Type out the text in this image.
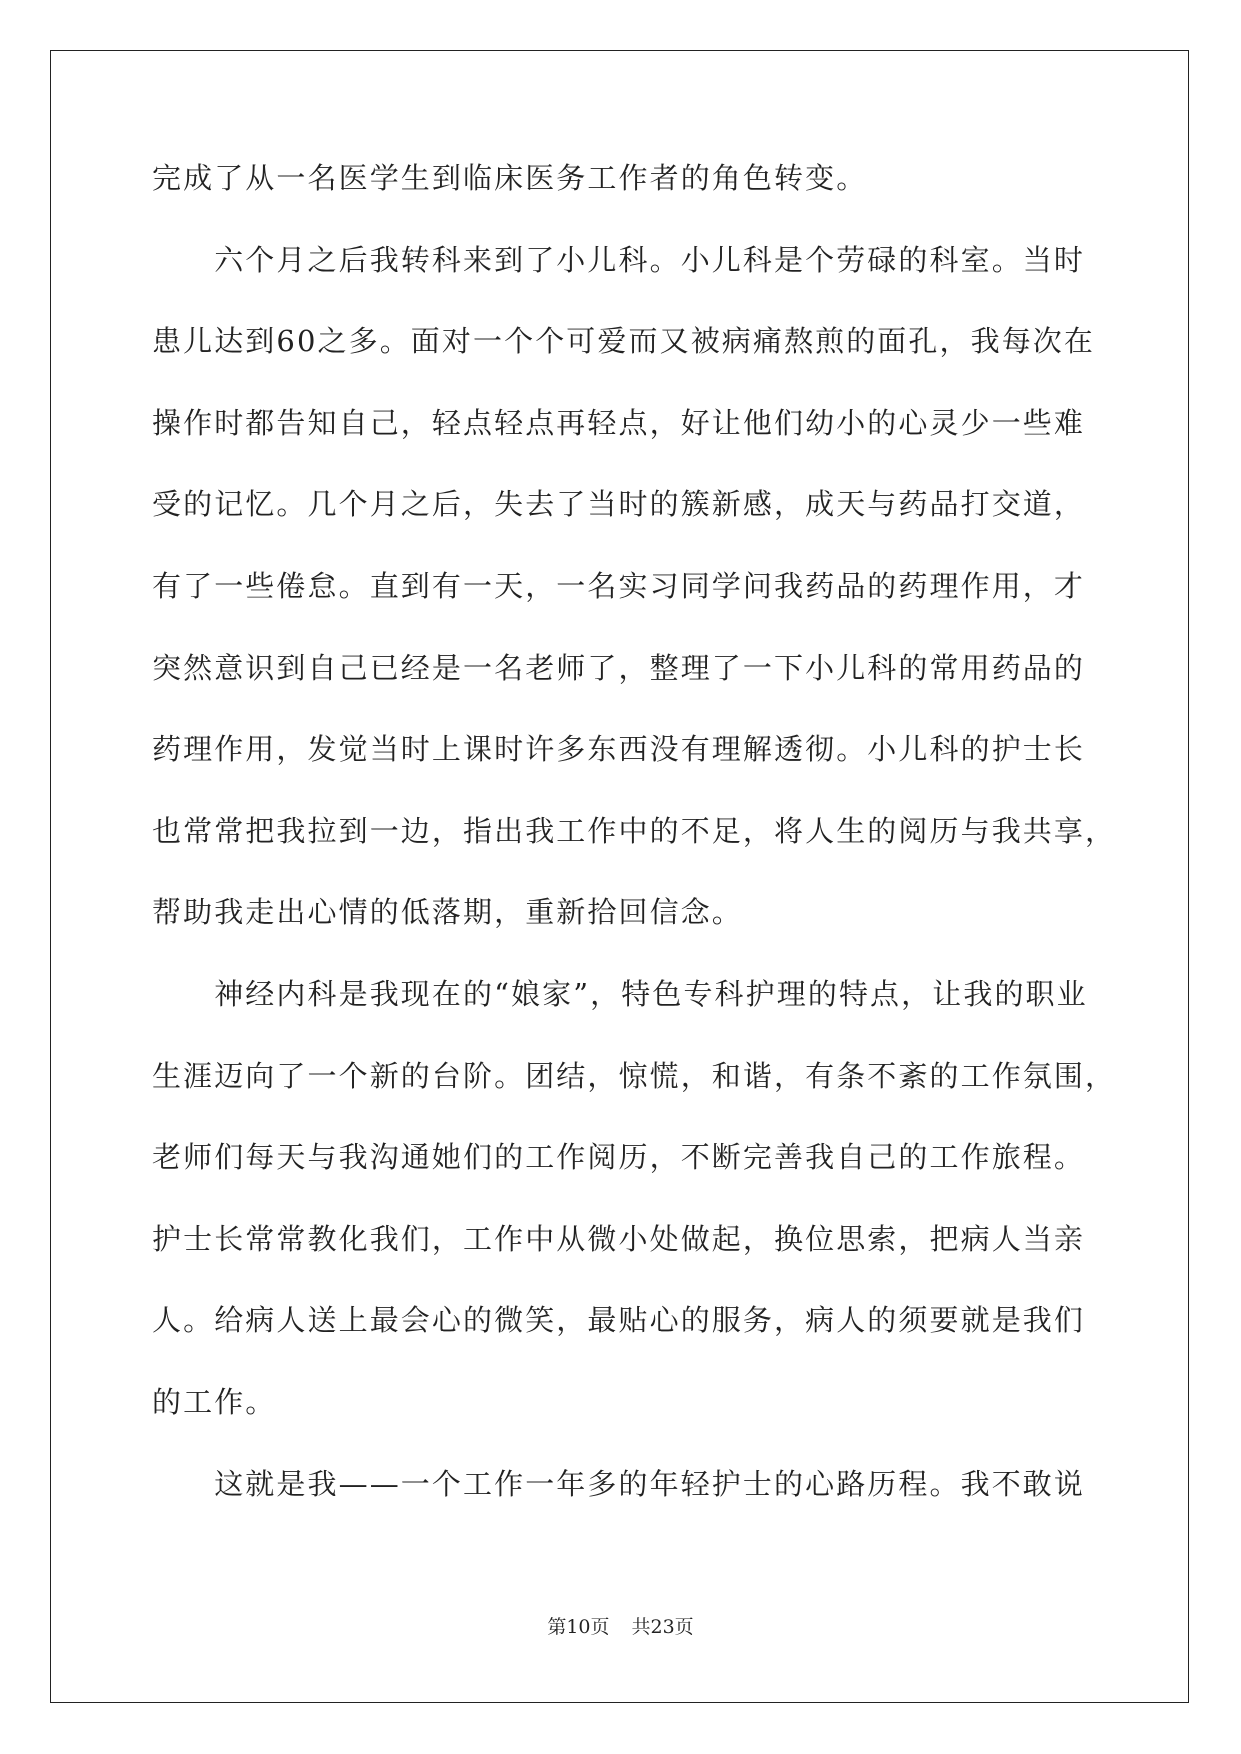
完成了从一名医学生到临床医务工作者的角色转变。
　　六个月之后我转科来到了小儿科。小儿科是个劳碌的科室。当时
患儿达到60之多。面对一个个可爱而又被病痛熬煎的面孔，我每次在
操作时都告知自己，轻点轻点再轻点，好让他们幼小的心灵少一些难
受的记忆。几个月之后，失去了当时的簇新感，成天与药品打交道，
有了一些倦怠。直到有一天，一名实习同学问我药品的药理作用，才
突然意识到自己已经是一名老师了，整理了一下小儿科的常用药品的
药理作用，发觉当时上课时许多东西没有理解透彻。小儿科的护士长
也常常把我拉到一边，指出我工作中的不足，将人生的阅历与我共享，
帮助我走出心情的低落期，重新拾回信念。
　　神经内科是我现在的“娘家”，特色专科护理的特点，让我的职业
生涯迈向了一个新的台阶。团结，惊慌，和谐，有条不紊的工作氛围，
老师们每天与我沟通她们的工作阅历，不断完善我自己的工作旅程。
护士长常常教化我们，工作中从微小处做起，换位思索，把病人当亲
人。给病人送上最会心的微笑，最贴心的服务，病人的须要就是我们
的工作。
　　这就是我——一个工作一年多的年轻护士的心路历程。我不敢说
第10页 共23页
